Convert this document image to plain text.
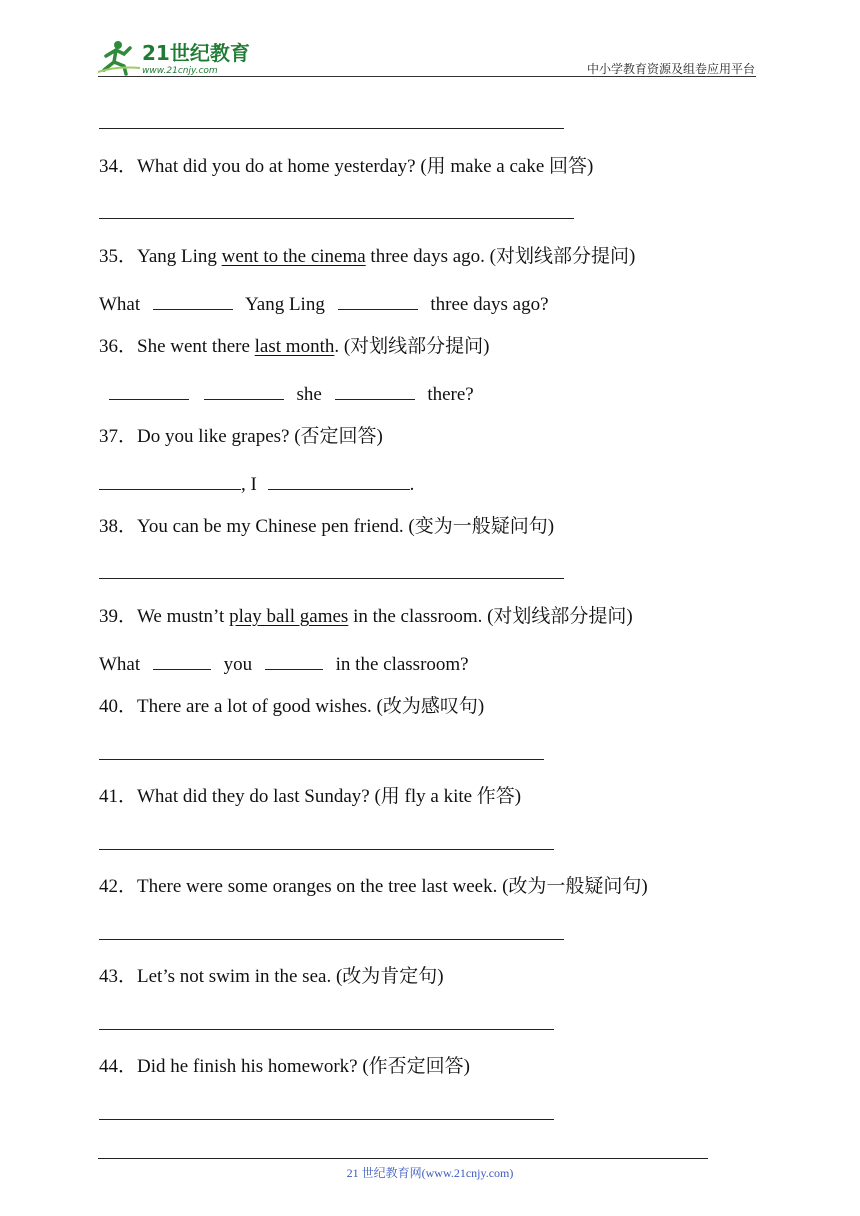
21世纪教育
www.21cnjy.com	中小学教育资源及组卷应用平台
34．What did you do at home yesterday? (用 make a cake 回答)
35．Yang Ling went to the cinema three days ago. (对划线部分提问)
What	Yang Ling	three days ago?
36．She went there last month. (对划线部分提问)
she	there?
37．Do you like grapes? (否定回答)
, I	.
38．You can be my Chinese pen friend. (变为一般疑问句)
39．We mustn’t play ball games in the classroom. (对划线部分提问)
What	you	in the classroom?
40．There are a lot of good wishes. (改为感叹句)
41．What did they do last Sunday? (用 fly a kite 作答)
42．There were some oranges on the tree last week. (改为一般疑问句)
43．Let’s not swim in the sea. (改为肯定句)
44．Did he finish his homework? (作否定回答)
21 世纪教育网(www.21cnjy.com)
